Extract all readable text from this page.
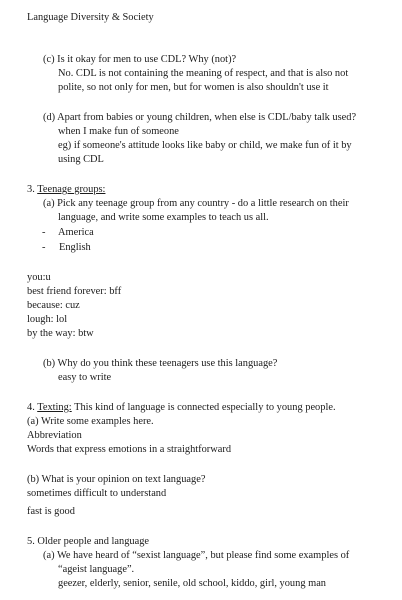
Language Diversity & Society
(c) Is it okay for men to use CDL? Why (not)?
No. CDL is not containing the meaning of respect, and that is also not
polite, so not only for men, but for women is also shouldn't use it
(d) Apart from babies or young children, when else is CDL/baby talk used?
when I make fun of someone
eg) if someone's attitude looks like baby or child, we make fun of it by
using CDL
3. Teenage groups:
(a) Pick any teenage group from any country - do a little research on their
language, and write some examples to teach us all.
- America
- English
you:u
best friend forever: bff
because: cuz
lough: lol
by the way: btw
(b) Why do you think these teenagers use this language?
easy to write
4. Texting: This kind of language is connected especially to young people.
(a) Write some examples here.
Abbreviation
Words that express emotions in a straightforward
(b) What is your opinion on text language?
sometimes difficult to understand
fast is good
5. Older people and language
(a) We have heard of “sexist language”, but please find some examples of
“ageist language”.
geezer, elderly, senior, senile, old school, kiddo, girl, young man
